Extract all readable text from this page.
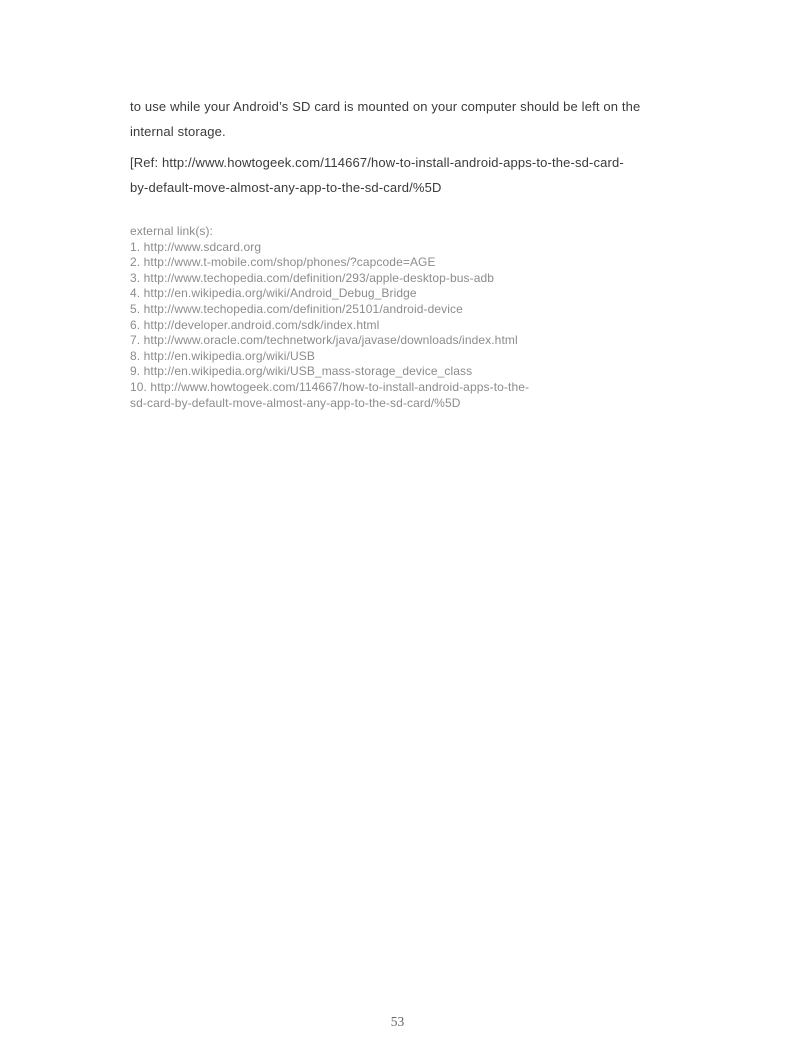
to use while your Android’s SD card is mounted on your computer should be left on the
internal storage.

[Ref: http://www.howtogeek.com/114667/how-to-install-android-apps-to-the-sd-card-
by-default-move-almost-any-app-to-the-sd-card/%5D

external link(s):
1. http://www.sdcard.org
2. http://www.t-mobile.com/shop/phones/?capcode=AGE
3. http://www.techopedia.com/definition/293/apple-desktop-bus-adb
4. http://en.wikipedia.org/wiki/Android_Debug_Bridge
5. http://www.techopedia.com/definition/25101/android-device
6. http://developer.android.com/sdk/index.html
7. http://www.oracle.com/technetwork/java/javase/downloads/index.html
8. http://en.wikipedia.org/wiki/USB
9. http://en.wikipedia.org/wiki/USB_mass-storage_device_class
10. http://www.howtogeek.com/114667/how-to-install-android-apps-to-the-
sd-card-by-default-move-almost-any-app-to-the-sd-card/%5D
53
